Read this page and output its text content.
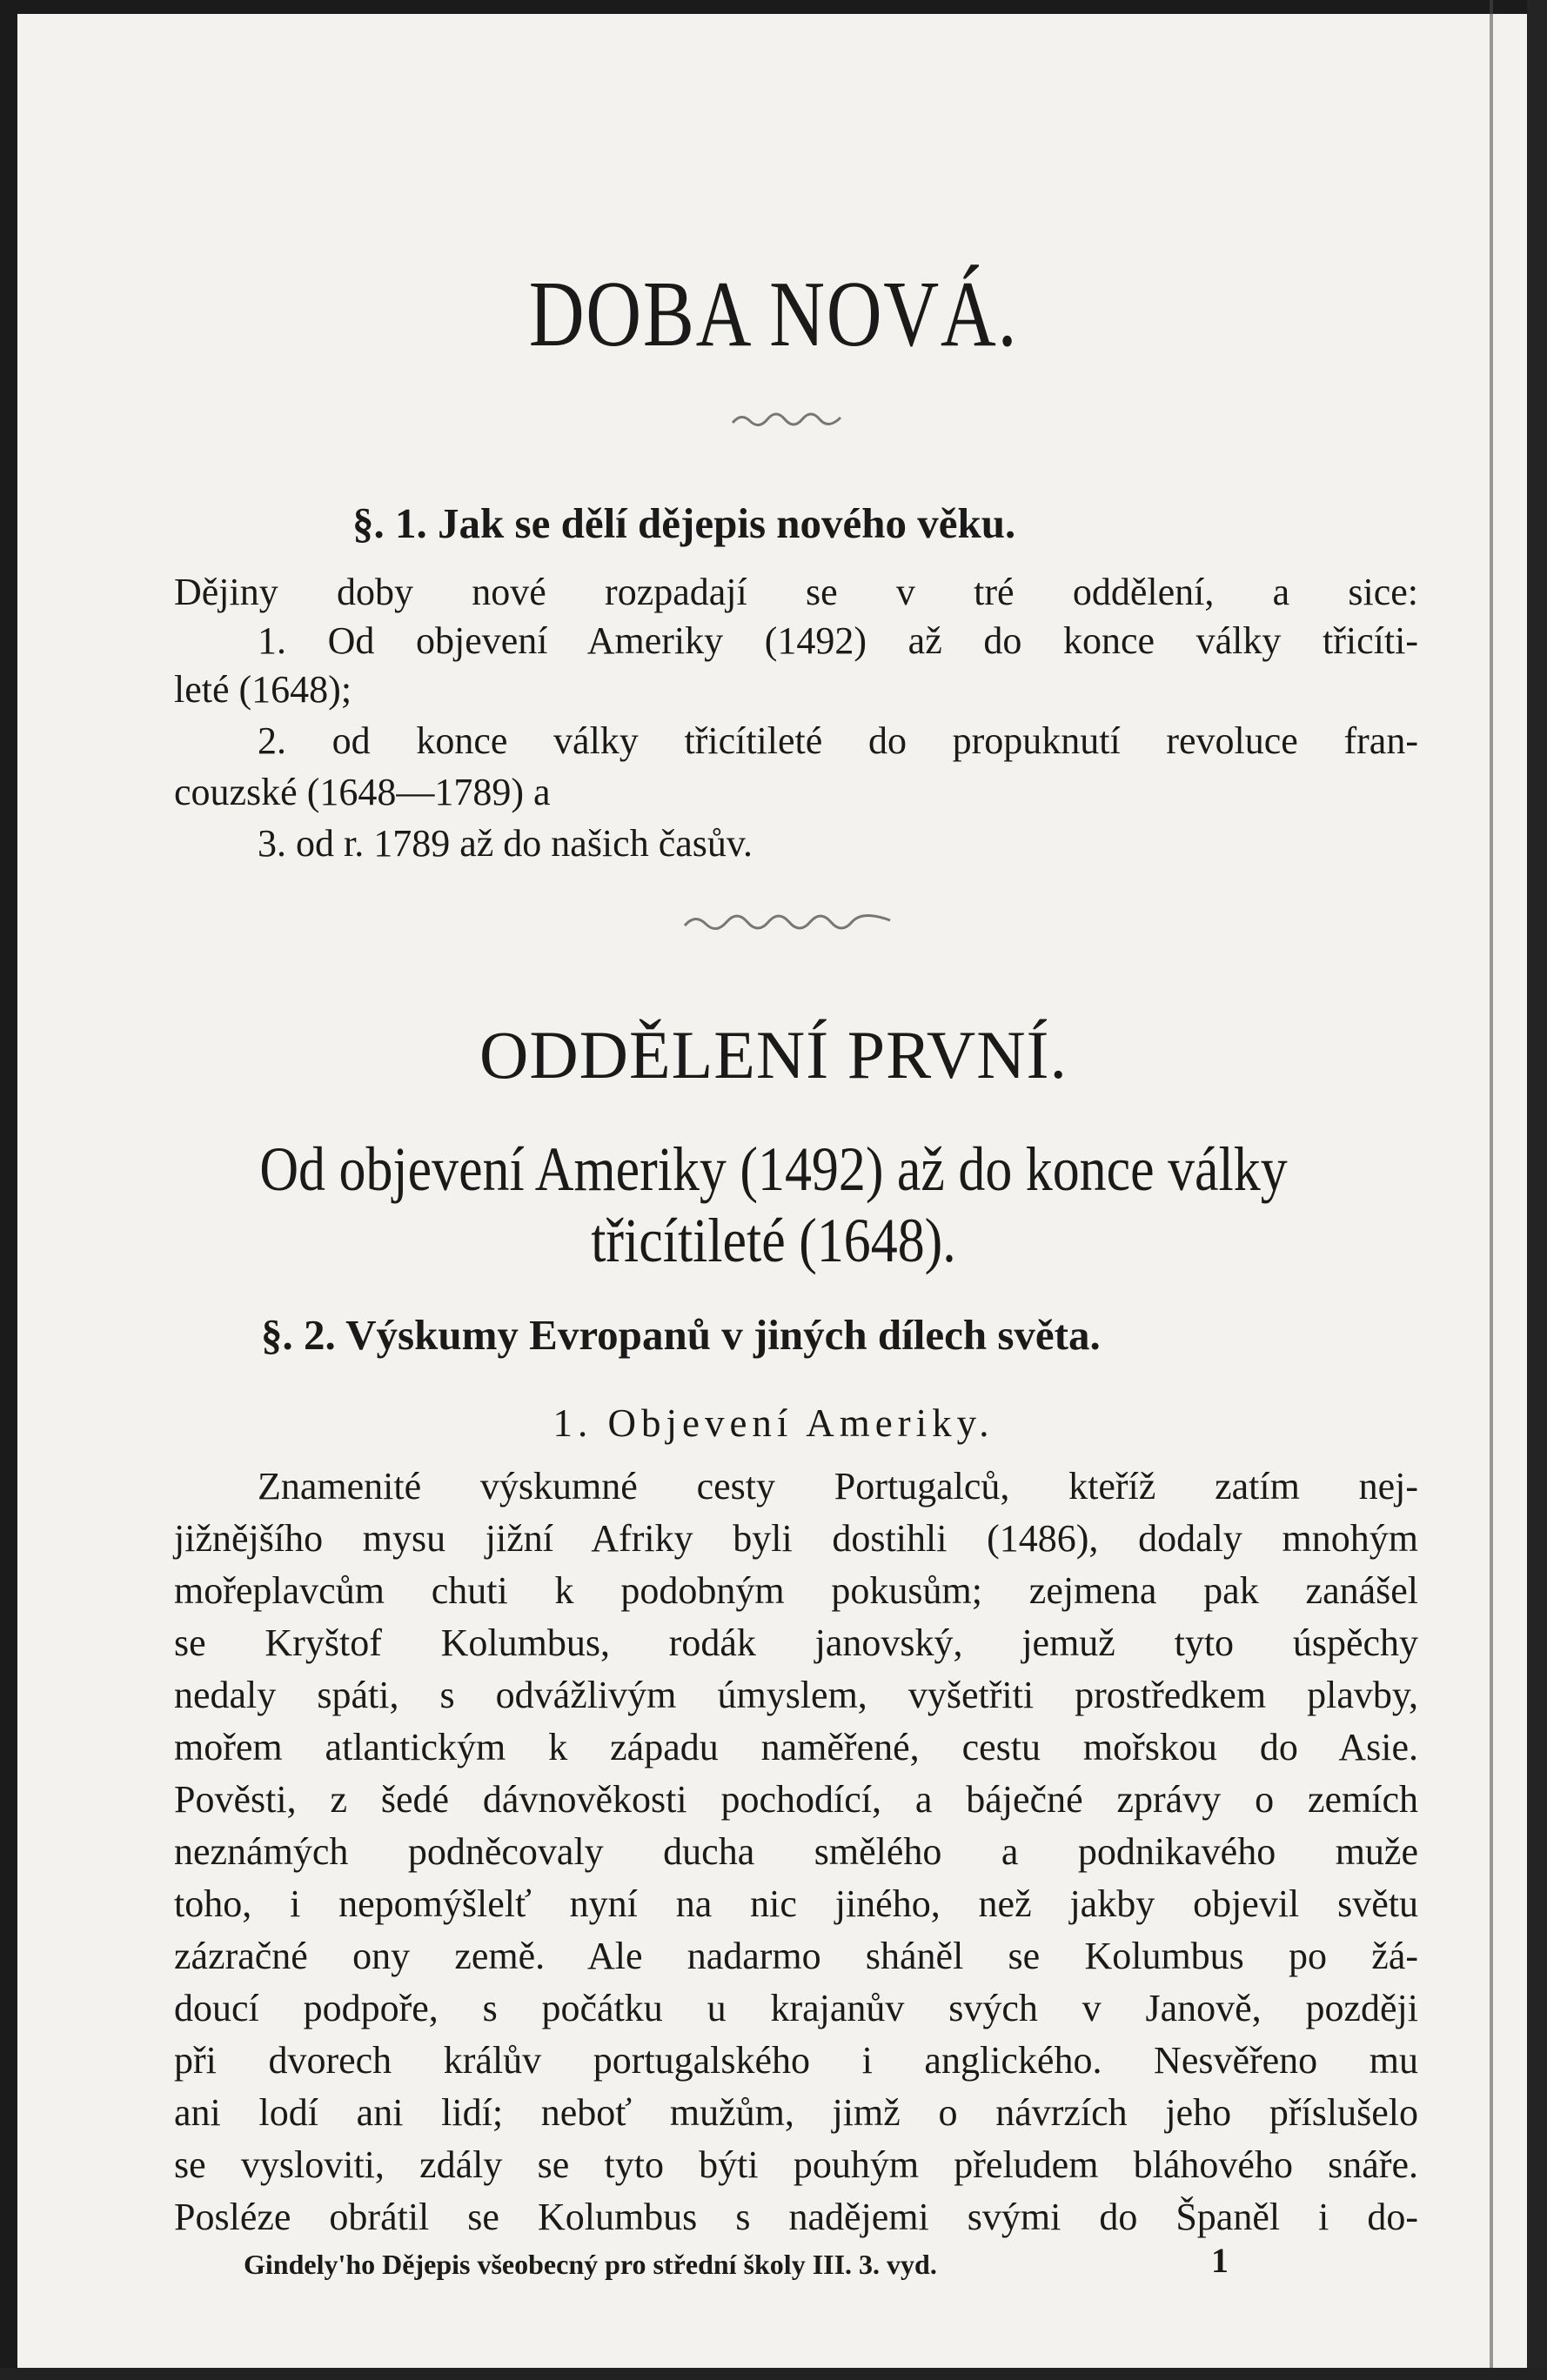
DOBA NOVÁ.
§. 1. Jak se dělí dějepis nového věku.
Dějiny doby nové rozpadají se v tré oddělení, a sice:
1. Od objevení Ameriky (1492) až do konce války třicíti-
leté (1648);
2. od konce války třicítileté do propuknutí revoluce fran-
couzské (1648—1789) a
3. od r. 1789 až do našich časův.
ODDĚLENÍ PRVNÍ.
Od objevení Ameriky (1492) až do konce války
třicítileté (1648).
§. 2. Výskumy Evropanů v jiných dílech světa.
1. Objevení Ameriky.
Znamenité výskumné cesty Portugalců, kteříž zatím nej-
jižnějšího mysu jižní Afriky byli dostihli (1486), dodaly mnohým
mořeplavcům chuti k podobným pokusům; zejmena pak zanášel
se Kryštof Kolumbus, rodák janovský, jemuž tyto úspěchy
nedaly spáti, s odvážlivým úmyslem, vyšetřiti prostředkem plavby,
mořem atlantickým k západu naměřené, cestu mořskou do Asie.
Pověsti, z šedé dávnověkosti pochodící, a báječné zprávy o zemích
neznámých podněcovaly ducha smělého a podnikavého muže
toho, i nepomýšlelť nyní na nic jiného, než jakby objevil světu
zázračné ony země. Ale nadarmo sháněl se Kolumbus po žá-
doucí podpoře, s počátku u krajanův svých v Janově, později
při dvorech králův portugalského i anglického. Nesvěřeno mu
ani lodí ani lidí; neboť mužům, jimž o návrzích jeho příslušelo
se vysloviti, zdály se tyto býti pouhým přeludem bláhového snáře.
Posléze obrátil se Kolumbus s nadějemi svými do Španěl i do-
Gindely'ho Dějepis všeobecný pro střední školy III. 3. vyd.	1
